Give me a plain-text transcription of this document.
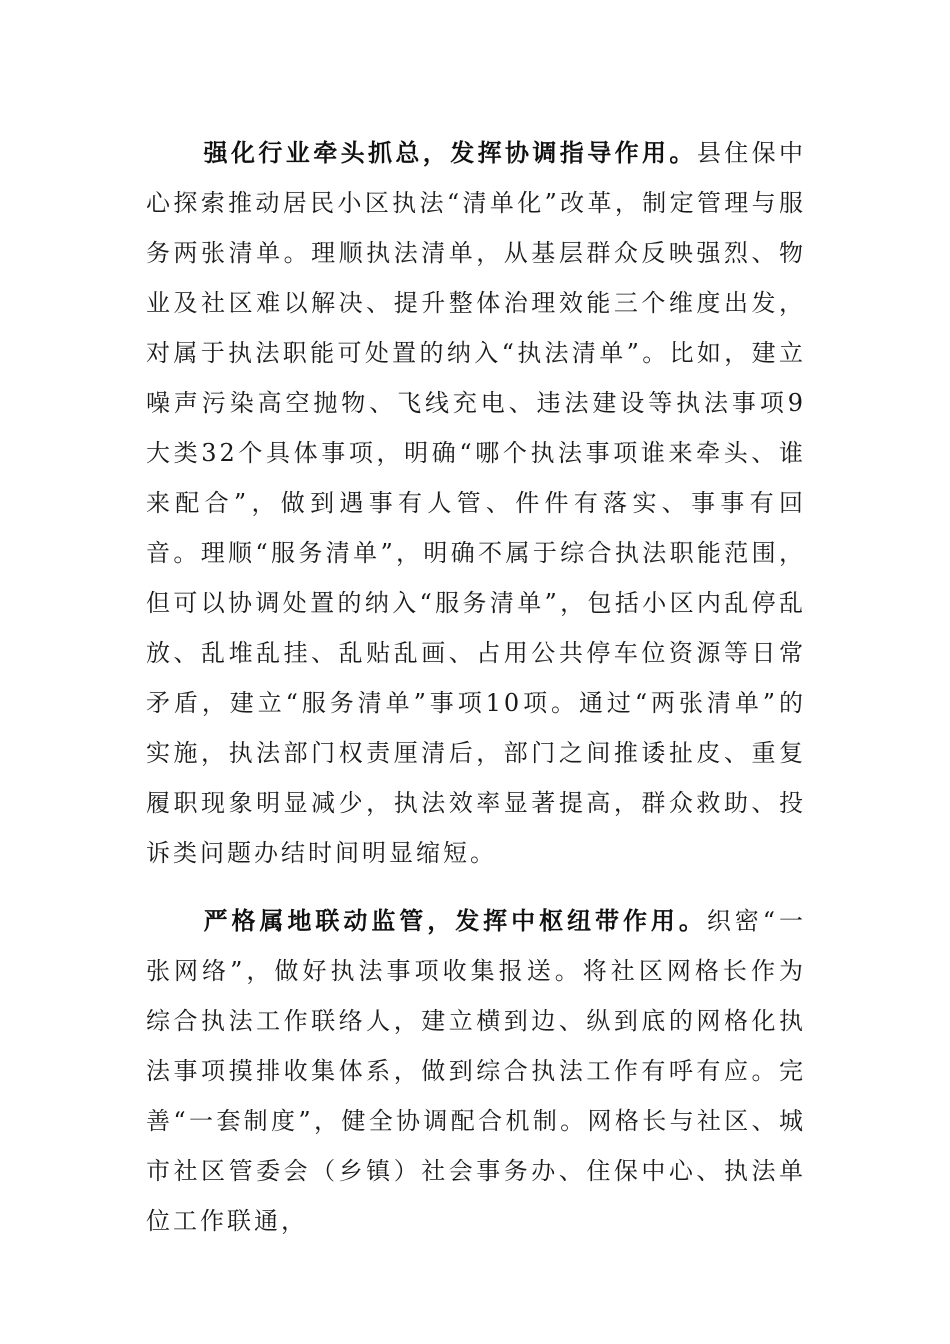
强化行业牵头抓总，发挥协调指导作用。县住保中心探索推动居民小区执法“清单化”改革，制定管理与服务两张清单。理顺执法清单，从基层群众反映强烈、物业及社区难以解决、提升整体治理效能三个维度出发，对属于执法职能可处置的纳入“执法清单”。比如，建立噪声污染高空抛物、飞线充电、违法建设等执法事项9大类32个具体事项，明确“哪个执法事项谁来牵头、谁来配合”，做到遇事有人管、件件有落实、事事有回音。理顺“服务清单”，明确不属于综合执法职能范围，但可以协调处置的纳入“服务清单”，包括小区内乱停乱放、乱堆乱挂、乱贴乱画、占用公共停车位资源等日常矛盾，建立“服务清单”事项10项。通过“两张清单”的实施，执法部门权责厘清后，部门之间推诿扯皮、重复履职现象明显减少，执法效率显著提高，群众救助、投诉类问题办结时间明显缩短。

严格属地联动监管，发挥中枢纽带作用。织密“一张网络”，做好执法事项收集报送。将社区网格长作为综合执法工作联络人，建立横到边、纵到底的网格化执法事项摸排收集体系，做到综合执法工作有呼有应。完善“一套制度”，健全协调配合机制。网格长与社区、城市社区管委会（乡镇）社会事务办、住保中心、执法单位工作联通，
